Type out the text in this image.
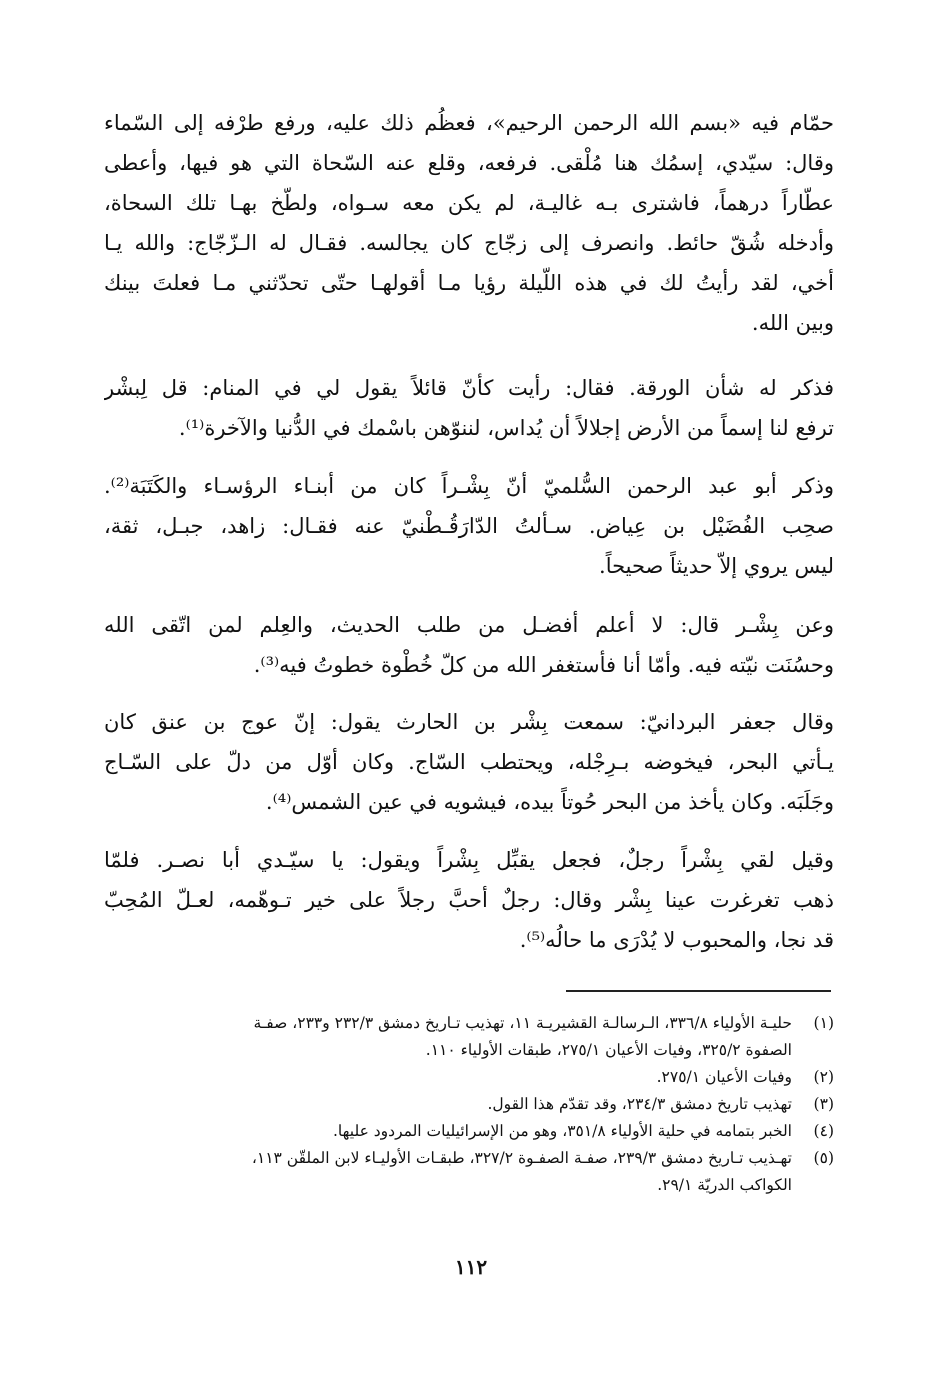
حمّام فيه «بسم الله الرحمن الرحيم»، فعظُم ذلك عليه، ورفع طرْفه إلى السّماء
وقال: سيّدي، إسمُك هنا مُلْقى. فرفعه، وقلع عنه السّحاة التي هو فيها، وأعطى
عطّاراً درهماً، فاشترى بـه غاليـة، لم يكن معه سـواه، ولطّخ بهـا تلك السحاة،
وأدخله شُقّ حائط. وانصرف إلى زجّاج كان يجالسه. فقـال له الـزّجّاج: والله يـا
أخي، لقد رأيتُ لك في هذه اللّيلة رؤيا مـا أقولهـا حتّى تحدّثني مـا فعلتَ بينك
وبين الله.
فذكر له شأن الورقة. فقال: رأيت كأنّ قائلاً يقول لي في المنام: قل لِبشْر
ترفع لنا إسماً من الأرض إجلالاً أن يُداس، لننوّهن باسْمك في الدُّنيا والآخرة⁽¹⁾.
وذكر أبو عبد الرحمن السُّلميّ أنّ بِشْـراً كان من أبنـاء الرؤسـاء والكَتَبَة⁽²⁾.
صحِب الفُضَيْل بن عِياض. سـألتُ الدّارَقُـطْنيّ عنه فقـال: زاهد، جبـل، ثقة،
ليس يروي إلاّ حديثاً صحيحاً.
وعن بِشْـر قال: لا أعلم أفضـل من طلب الحديث، والعِلم لمن اتّقى الله
وحسُنَت نيّته فيه. وأمّا أنا فأستغفر الله من كلّ خُطْوة خطوتُ فيه⁽³⁾.
وقال جعفر البردانيّ: سمعت بِشْر بن الحارث يقول: إنّ عوج بن عنق كان
يـأتي البحر، فيخوضه بـرِجْله، ويحتطب السّاج. وكان أوّل من دلّ على السّـاج
وجَلَبَه. وكان يأخذ من البحر حُوتاً بيده، فيشويه في عين الشمس⁽⁴⁾.
وقيل لقي بِشْراً رجلٌ، فجعل يقبِّل بِشْراً ويقول: يا سيّـدي أبا نصـر. فلمّا
ذهب تغرغرت عينا بِشْر وقال: رجلٌ أحبَّ رجلاً على خير تـوهّمه، لعـلّ المُحِبّ
قد نجا، والمحبوب لا يُدْرَى ما حالُه⁽⁵⁾.
(١)
حليـة الأولياء ٣٣٦/٨، الـرسالـة القشيريـة ١١، تهذيب تـاريخ دمشق ٢٣٢/٣ و٢٣٣، صفـة
الصفوة ٣٢٥/٢، وفيات الأعيان ٢٧٥/١، طبقات الأولياء ١١٠.
(٢)
وفيات الأعيان ٢٧٥/١.
(٣)
تهذيب تاريخ دمشق ٢٣٤/٣، وقد تقدّم هذا القول.
(٤)
الخبر بتمامه في حلية الأولياء ٣٥١/٨، وهو من الإسرائيليات المردود عليها.
(٥)
تهـذيب تـاريخ دمشق ٢٣٩/٣، صفـة الصفـوة ٣٢٧/٢، طبقـات الأوليـاء لابن الملقّن ١١٣،
الكواكب الدريّة ٢٩/١.
١١٢
